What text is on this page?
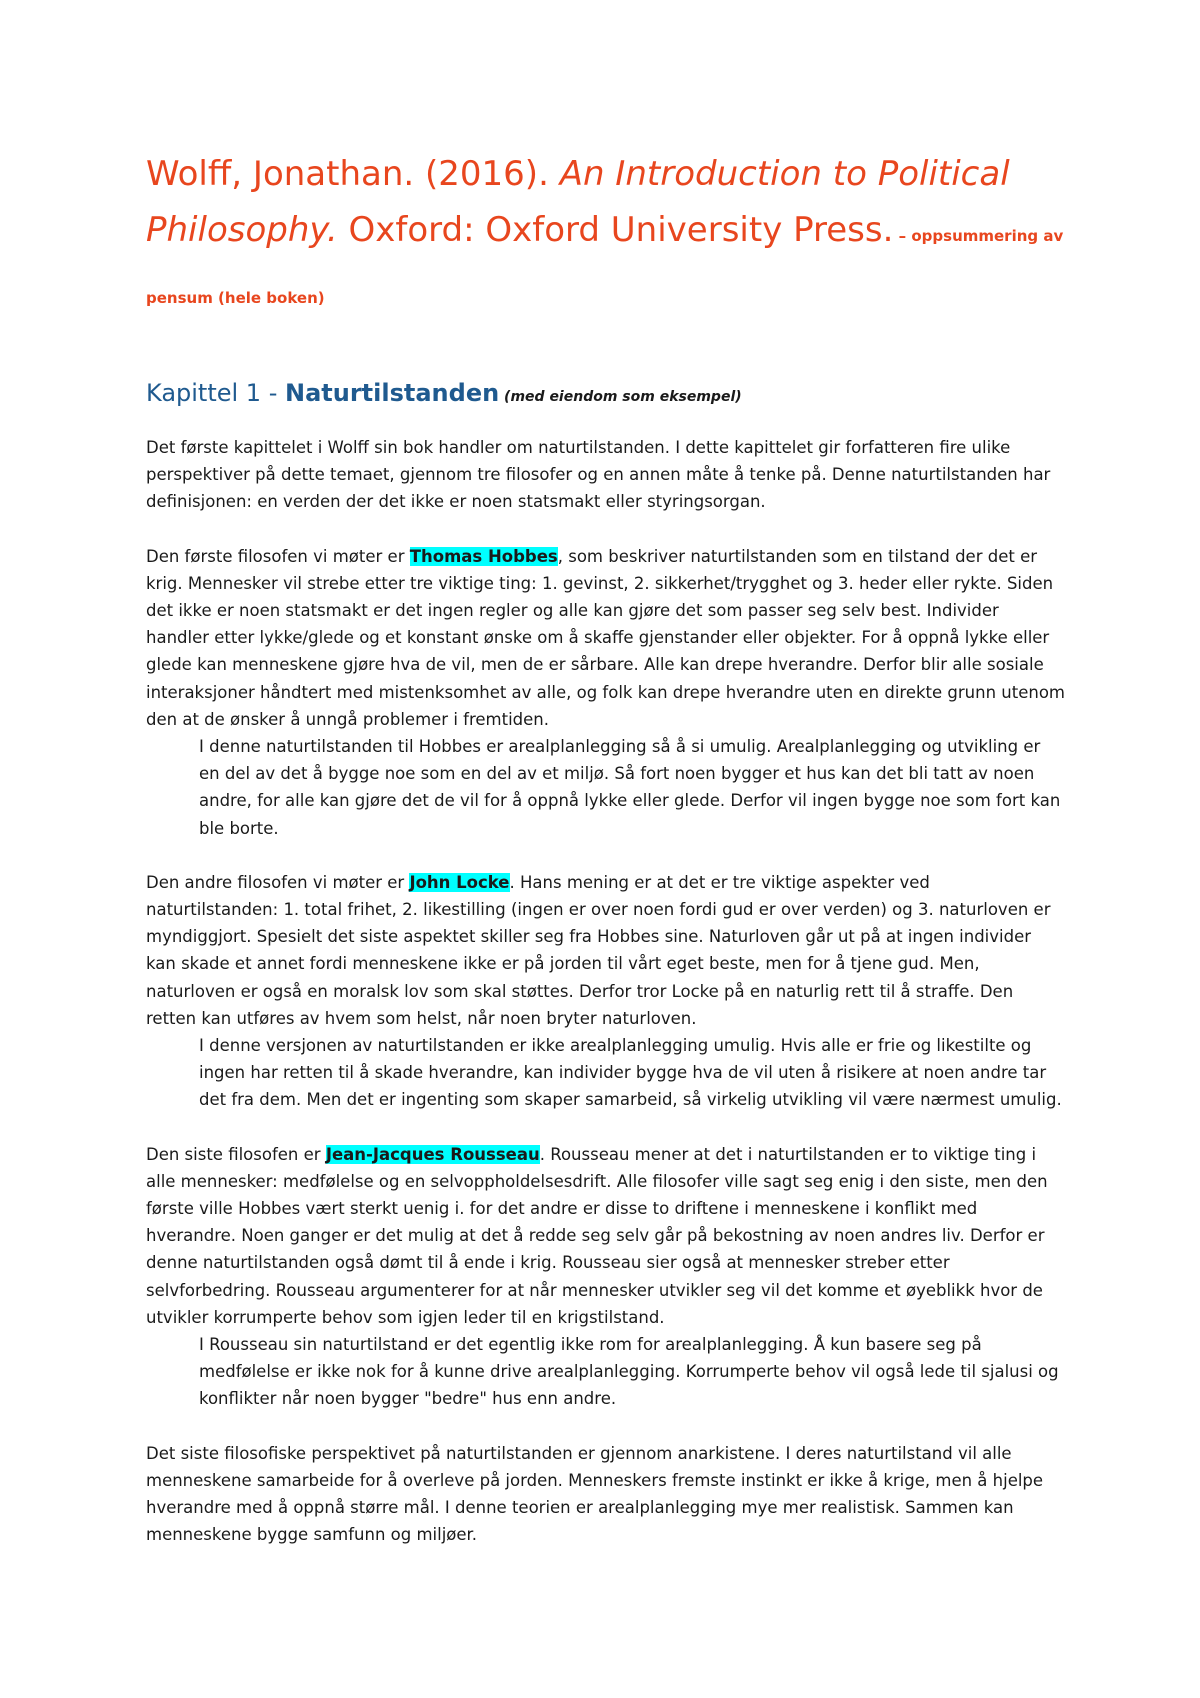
Wolff, Jonathan. (2016). An Introduction to Political Philosophy. Oxford: Oxford University Press. – oppsummering av pensum (hele boken)
Kapittel 1 - Naturtilstanden (med eiendom som eksempel)

Det første kapittelet i Wolff sin bok handler om naturtilstanden. I dette kapittelet gir forfatteren fire ulike perspektiver på dette temaet, gjennom tre filosofer og en annen måte å tenke på. Denne naturtilstanden har definisjonen: en verden der det ikke er noen statsmakt eller styringsorgan.

Den første filosofen vi møter er Thomas Hobbes, som beskriver naturtilstanden som en tilstand der det er krig. Mennesker vil strebe etter tre viktige ting: 1. gevinst, 2. sikkerhet/trygghet og 3. heder eller rykte. Siden det ikke er noen statsmakt er det ingen regler og alle kan gjøre det som passer seg selv best. Individer handler etter lykke/glede og et konstant ønske om å skaffe gjenstander eller objekter. For å oppnå lykke eller glede kan menneskene gjøre hva de vil, men de er sårbare. Alle kan drepe hverandre. Derfor blir alle sosiale interaksjoner håndtert med mistenksomhet av alle, og folk kan drepe hverandre uten en direkte grunn utenom den at de ønsker å unngå problemer i fremtiden.

I denne naturtilstanden til Hobbes er arealplanlegging så å si umulig. Arealplanlegging og utvikling er en del av det å bygge noe som en del av et miljø. Så fort noen bygger et hus kan det bli tatt av noen andre, for alle kan gjøre det de vil for å oppnå lykke eller glede. Derfor vil ingen bygge noe som fort kan ble borte.

Den andre filosofen vi møter er John Locke. Hans mening er at det er tre viktige aspekter ved naturtilstanden: 1. total frihet, 2. likestilling (ingen er over noen fordi gud er over verden) og 3. naturloven er myndiggjort. Spesielt det siste aspektet skiller seg fra Hobbes sine. Naturloven går ut på at ingen individer kan skade et annet fordi menneskene ikke er på jorden til vårt eget beste, men for å tjene gud. Men, naturloven er også en moralsk lov som skal støttes. Derfor tror Locke på en naturlig rett til å straffe. Den retten kan utføres av hvem som helst, når noen bryter naturloven.

I denne versjonen av naturtilstanden er ikke arealplanlegging umulig. Hvis alle er frie og likestilte og ingen har retten til å skade hverandre, kan individer bygge hva de vil uten å risikere at noen andre tar det fra dem. Men det er ingenting som skaper samarbeid, så virkelig utvikling vil være nærmest umulig.

Den siste filosofen er Jean-Jacques Rousseau. Rousseau mener at det i naturtilstanden er to viktige ting i alle mennesker: medfølelse og en selvoppholdelsesdrift. Alle filosofer ville sagt seg enig i den siste, men den første ville Hobbes vært sterkt uenig i. for det andre er disse to driftene i menneskene i konflikt med hverandre. Noen ganger er det mulig at det å redde seg selv går på bekostning av noen andres liv. Derfor er denne naturtilstanden også dømt til å ende i krig. Rousseau sier også at mennesker streber etter selvforbedring. Rousseau argumenterer for at når mennesker utvikler seg vil det komme et øyeblikk hvor de utvikler korrumperte behov som igjen leder til en krigstilstand.

I Rousseau sin naturtilstand er det egentlig ikke rom for arealplanlegging. Å kun basere seg på medfølelse er ikke nok for å kunne drive arealplanlegging. Korrumperte behov vil også lede til sjalusi og konflikter når noen bygger "bedre" hus enn andre.

Det siste filosofiske perspektivet på naturtilstanden er gjennom anarkistene. I deres naturtilstand vil alle menneskene samarbeide for å overleve på jorden. Menneskers fremste instinkt er ikke å krige, men å hjelpe hverandre med å oppnå større mål. I denne teorien er arealplanlegging mye mer realistisk. Sammen kan menneskene bygge samfunn og miljøer.
